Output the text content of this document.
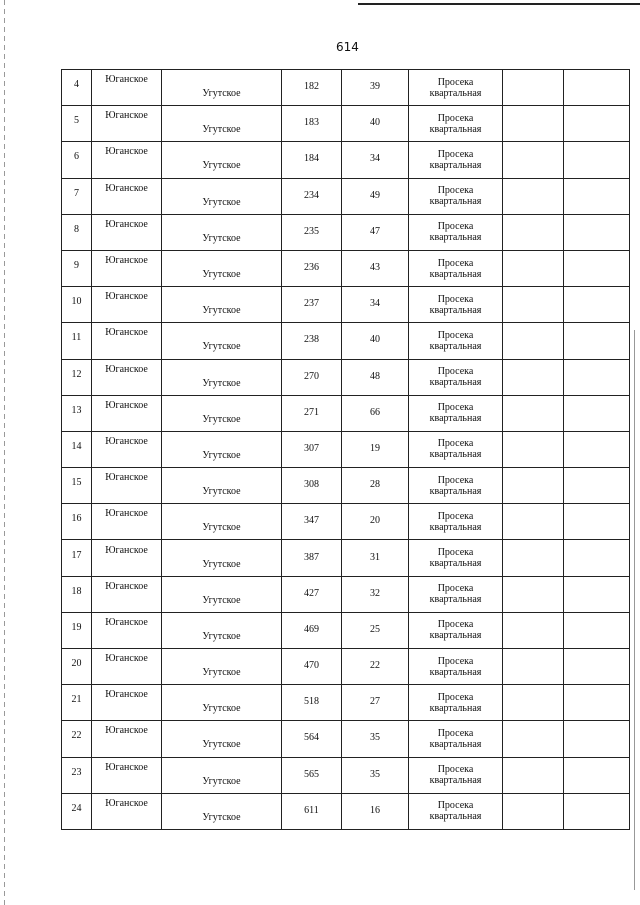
614
4	Юганское	Угутское	182	39	Просека
квартальная		

5	Юганское	Угутское	183	40	Просека
квартальная		

6	Юганское	Угутское	184	34	Просека
квартальная		

7	Юганское	Угутское	234	49	Просека
квартальная		

8	Юганское	Угутское	235	47	Просека
квартальная		

9	Юганское	Угутское	236	43	Просека
квартальная		

10	Юганское	Угутское	237	34	Просека
квартальная		

11	Юганское	Угутское	238	40	Просека
квартальная		

12	Юганское	Угутское	270	48	Просека
квартальная		

13	Юганское	Угутское	271	66	Просека
квартальная		

14	Юганское	Угутское	307	19	Просека
квартальная		

15	Юганское	Угутское	308	28	Просека
квартальная		

16	Юганское	Угутское	347	20	Просека
квартальная		

17	Юганское	Угутское	387	31	Просека
квартальная		

18	Юганское	Угутское	427	32	Просека
квартальная		

19	Юганское	Угутское	469	25	Просека
квартальная		

20	Юганское	Угутское	470	22	Просека
квартальная		

21	Юганское	Угутское	518	27	Просека
квартальная		

22	Юганское	Угутское	564	35	Просека
квартальная		

23	Юганское	Угутское	565	35	Просека
квартальная		

24	Юганское	Угутское	611	16	Просека
квартальная		
